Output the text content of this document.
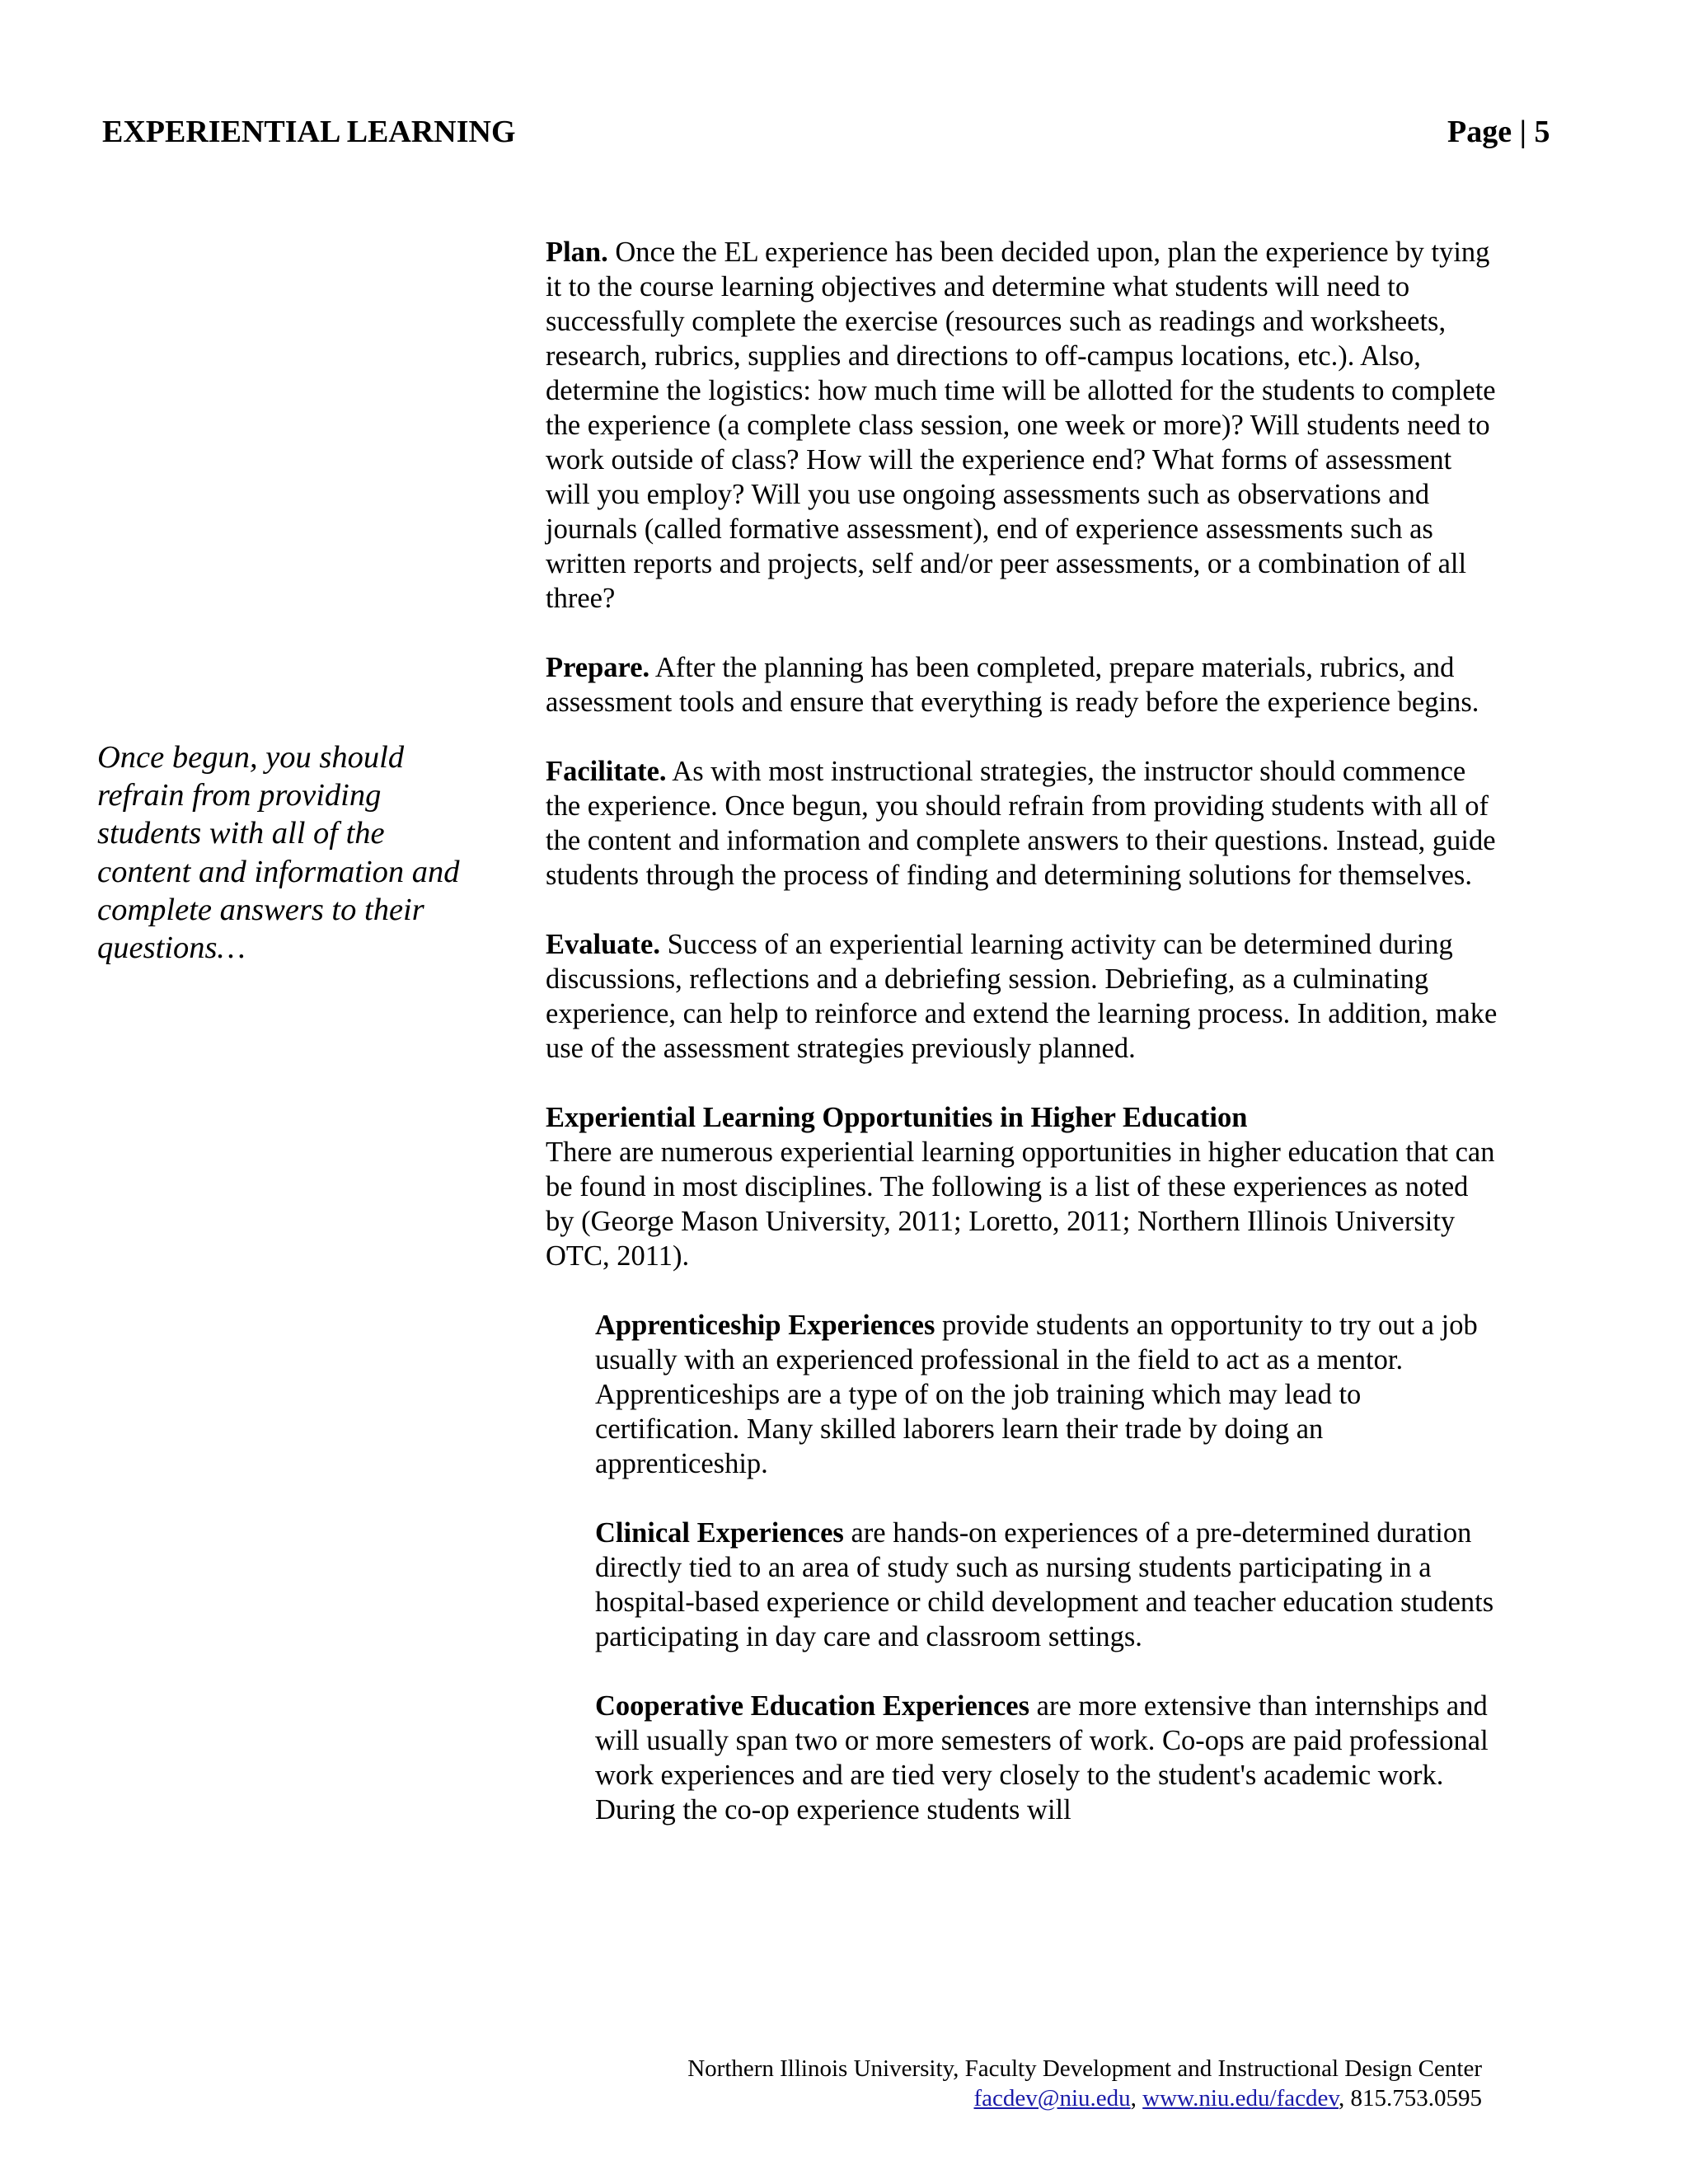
EXPERIENTIAL LEARNING	Page | 5

Once begun, you should refrain from providing students with all of the content and information and complete answers to their questions…

Plan. Once the EL experience has been decided upon, plan the experience by tying it to the course learning objectives and determine what students will need to successfully complete the exercise (resources such as readings and worksheets, research, rubrics, supplies and directions to off-campus locations, etc.). Also, determine the logistics: how much time will be allotted for the students to complete the experience (a complete class session, one week or more)? Will students need to work outside of class? How will the experience end? What forms of assessment will you employ? Will you use ongoing assessments such as observations and journals (called formative assessment), end of experience assessments such as written reports and projects, self and/or peer assessments, or a combination of all three?

Prepare. After the planning has been completed, prepare materials, rubrics, and assessment tools and ensure that everything is ready before the experience begins.

Facilitate. As with most instructional strategies, the instructor should commence the experience. Once begun, you should refrain from providing students with all of the content and information and complete answers to their questions. Instead, guide students through the process of finding and determining solutions for themselves.

Evaluate. Success of an experiential learning activity can be determined during discussions, reflections and a debriefing session. Debriefing, as a culminating experience, can help to reinforce and extend the learning process. In addition, make use of the assessment strategies previously planned.

Experiential Learning Opportunities in Higher Education
There are numerous experiential learning opportunities in higher education that can be found in most disciplines. The following is a list of these experiences as noted by (George Mason University, 2011; Loretto, 2011; Northern Illinois University OTC, 2011).

Apprenticeship Experiences provide students an opportunity to try out a job usually with an experienced professional in the field to act as a mentor. Apprenticeships are a type of on the job training which may lead to certification. Many skilled laborers learn their trade by doing an apprenticeship.

Clinical Experiences are hands-on experiences of a pre-determined duration directly tied to an area of study such as nursing students participating in a hospital-based experience or child development and teacher education students participating in day care and classroom settings.

Cooperative Education Experiences are more extensive than internships and will usually span two or more semesters of work. Co-ops are paid professional work experiences and are tied very closely to the student's academic work. During the co-op experience students will

Northern Illinois University, Faculty Development and Instructional Design Center
facdev@niu.edu, www.niu.edu/facdev, 815.753.0595
